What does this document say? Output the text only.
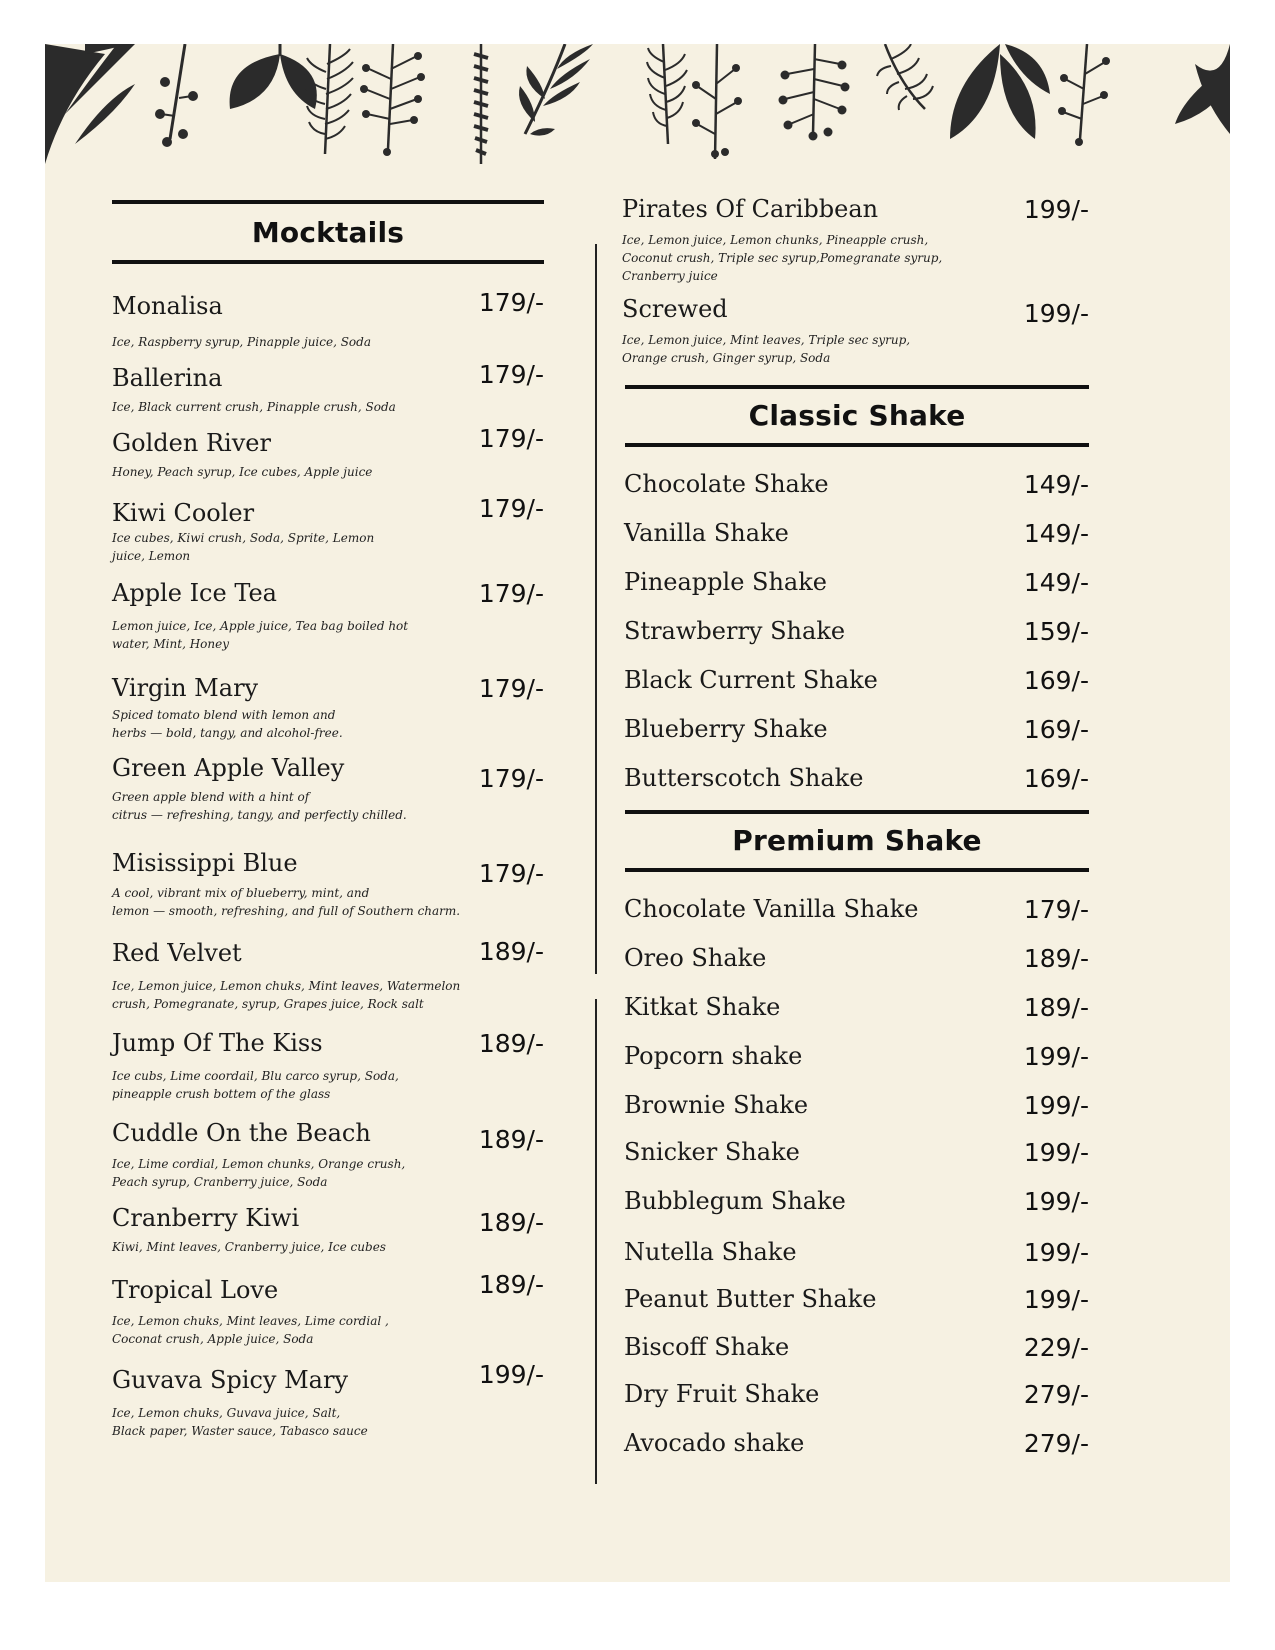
Mocktails
Classic Shake
Premium Shake
Monalisa	179/-
Ice, Raspberry syrup, Pinapple juice, Soda
Ballerina	179/-
Ice, Black current crush, Pinapple crush, Soda
Golden River	179/-
Honey, Peach syrup, Ice cubes, Apple juice
Kiwi Cooler	179/-
Ice cubes, Kiwi crush, Soda, Sprite, Lemon
juice, Lemon
Apple Ice Tea	179/-
Lemon juice, Ice, Apple juice, Tea bag boiled hot
water, Mint, Honey
Virgin Mary	179/-
Spiced tomato blend with lemon and
herbs — bold, tangy, and alcohol-free.
Green Apple Valley	179/-
Green apple blend with a hint of
citrus — refreshing, tangy, and perfectly chilled.
Misissippi Blue	179/-
A cool, vibrant mix of blueberry, mint, and
lemon — smooth, refreshing, and full of Southern charm.
Red Velvet	189/-
Ice, Lemon juice, Lemon chuks, Mint leaves, Watermelon
crush, Pomegranate, syrup, Grapes juice, Rock salt
Jump Of The Kiss	189/-
Ice cubs, Lime coordail, Blu carco syrup, Soda,
pineapple crush bottem of the glass
Cuddle On the Beach	189/-
Ice, Lime cordial, Lemon chunks, Orange crush,
Peach syrup, Cranberry juice, Soda
Cranberry Kiwi	189/-
Kiwi, Mint leaves, Cranberry juice, Ice cubes
Tropical Love	189/-
Ice, Lemon chuks, Mint leaves, Lime cordial ,
Coconat crush, Apple juice, Soda
Guvava Spicy Mary	199/-
Ice, Lemon chuks, Guvava juice, Salt,
Black paper, Waster sauce, Tabasco sauce
Pirates Of Caribbean	199/-
Ice, Lemon juice, Lemon chunks, Pineapple crush,
Coconut crush, Triple sec syrup,Pomegranate syrup,
Cranberry juice
Screwed	199/-
Ice, Lemon juice, Mint leaves, Triple sec syrup,
Orange crush, Ginger syrup, Soda
Chocolate Shake	149/-
Vanilla Shake	149/-
Pineapple Shake	149/-
Strawberry Shake	159/-
Black Current Shake	169/-
Blueberry Shake	169/-
Butterscotch Shake	169/-
Chocolate Vanilla Shake	179/-
Oreo Shake	189/-
Kitkat Shake	189/-
Popcorn shake	199/-
Brownie Shake	199/-
Snicker Shake	199/-
Bubblegum Shake	199/-
Nutella Shake	199/-
Peanut Butter Shake	199/-
Biscoff Shake	229/-
Dry Fruit Shake	279/-
Avocado shake	279/-
